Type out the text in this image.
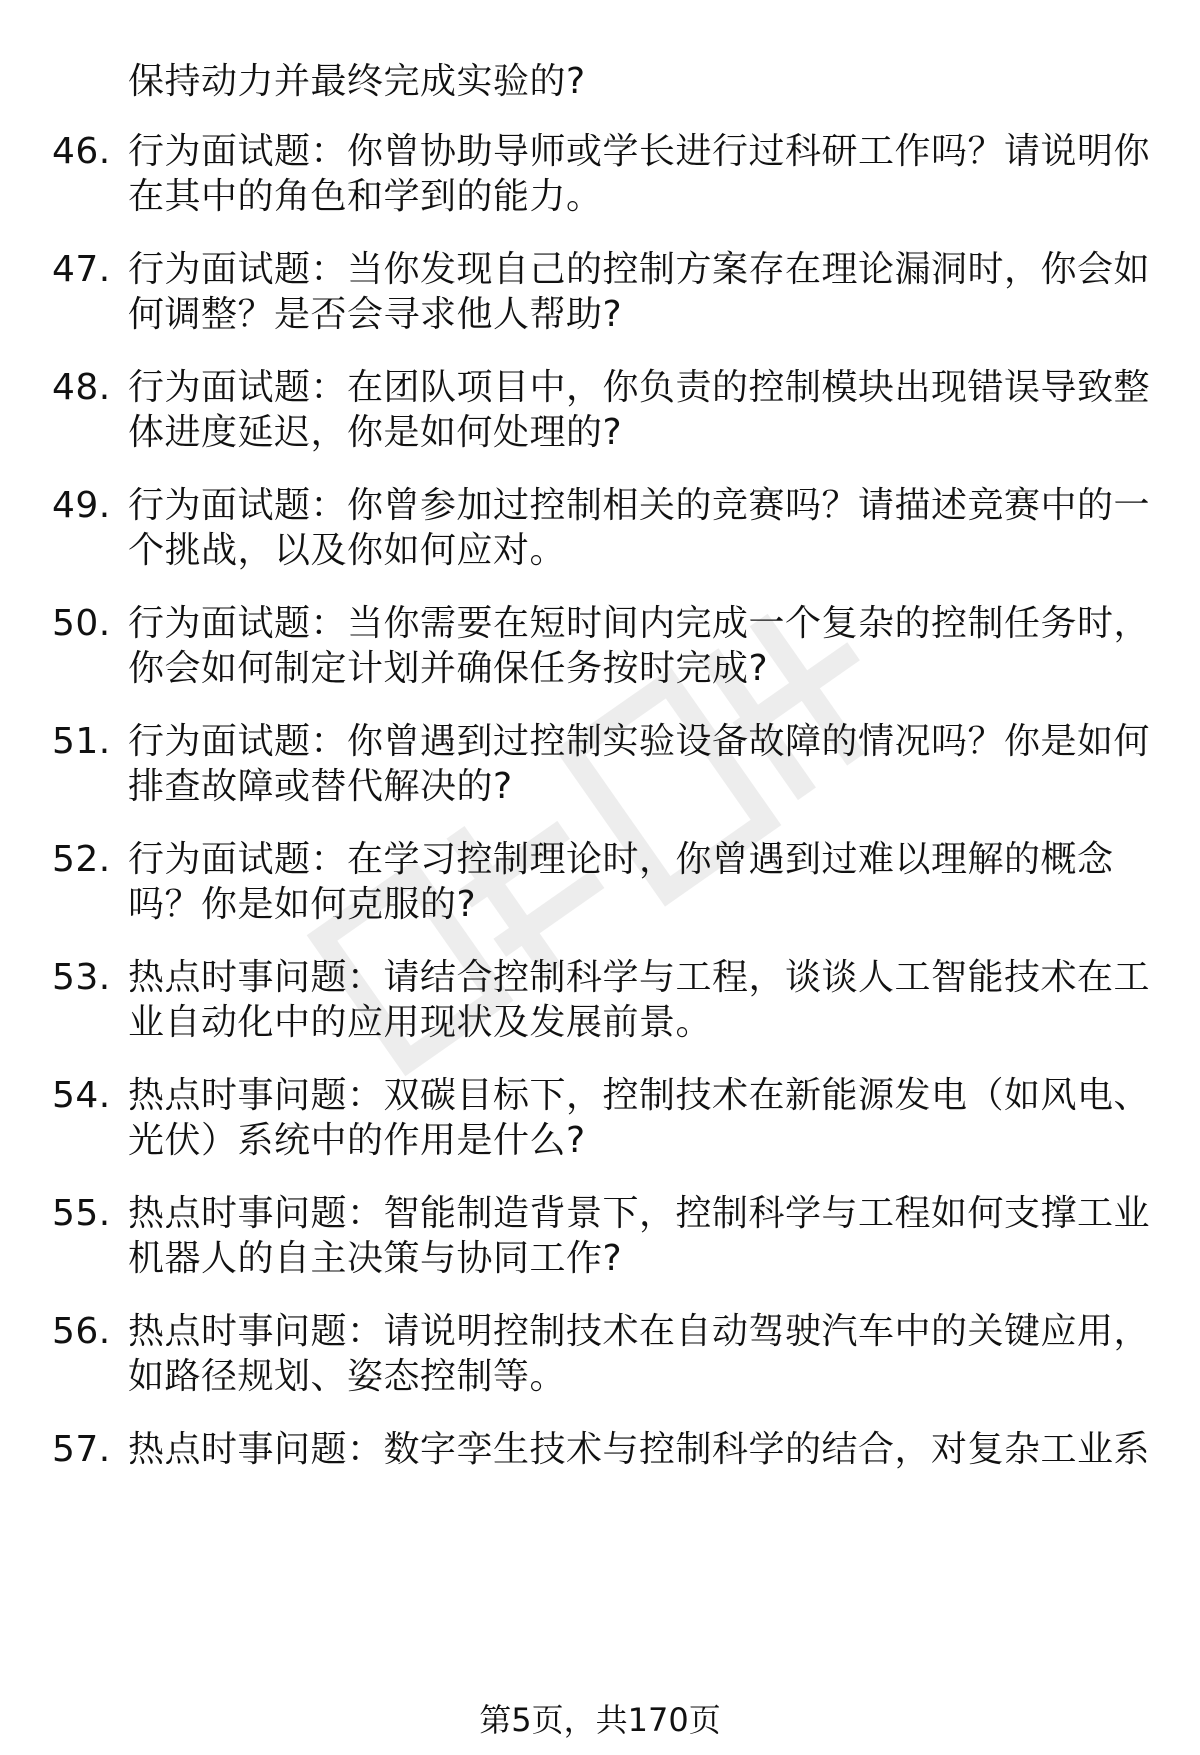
保持动力并最终完成实验的?
46. 行为面试题：你曾协助导师或学长进行过科研工作吗？请说明你
在其中的角色和学到的能力。
47. 行为面试题：当你发现自己的控制方案存在理论漏洞时，你会如
何调整？是否会寻求他人帮助?
48. 行为面试题：在团队项目中，你负责的控制模块出现错误导致整
体进度延迟，你是如何处理的?
49. 行为面试题：你曾参加过控制相关的竞赛吗？请描述竞赛中的一
个挑战，以及你如何应对。
50. 行为面试题：当你需要在短时间内完成一个复杂的控制任务时，
你会如何制定计划并确保任务按时完成?
51. 行为面试题：你曾遇到过控制实验设备故障的情况吗？你是如何
排查故障或替代解决的?
52. 行为面试题：在学习控制理论时，你曾遇到过难以理解的概念
吗？你是如何克服的?
53. 热点时事问题：请结合控制科学与工程，谈谈人工智能技术在工
业自动化中的应用现状及发展前景。
54. 热点时事问题：双碳目标下，控制技术在新能源发电（如风电、
光伏）系统中的作用是什么?
55. 热点时事问题：智能制造背景下，控制科学与工程如何支撑工业
机器人的自主决策与协同工作?
56. 热点时事问题：请说明控制技术在自动驾驶汽车中的关键应用，
如路径规划、姿态控制等。
57. 热点时事问题：数字孪生技术与控制科学的结合，对复杂工业系
第5页，共170页
